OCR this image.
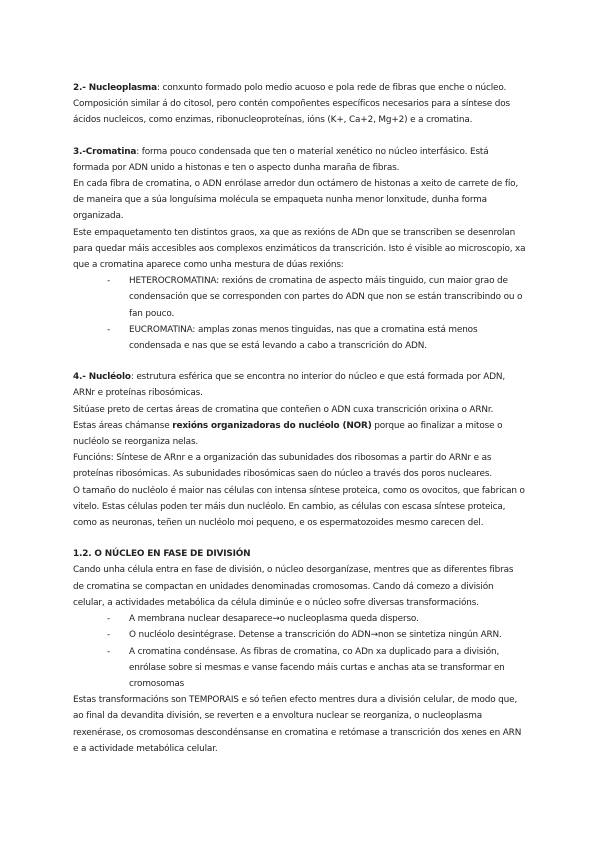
2.- Nucleoplasma: conxunto formado polo medio acuoso e pola rede de fibras que enche o núcleo. Composición similar á do citosol, pero contén compoñentes específicos necesarios para a síntese dos ácidos nucleicos, como enzimas, ribonucleoproteínas, ións (K+, Ca+2, Mg+2) e a cromatina.

3.-Cromatina: forma pouco condensada que ten o material xenético no núcleo interfásico. Está formada por ADN unido a histonas e ten o aspecto dunha maraña de fibras.

En cada fibra de cromatina, o ADN enrólase arredor dun octámero de histonas a xeito de carrete de fío, de maneira que a súa longuísima molécula se empaqueta nunha menor lonxitude, dunha forma organizada.

Este empaquetamento ten distintos graos, xa que as rexións de ADn que se transcriben se desenrolan para quedar máis accesibles aos complexos enzimáticos da transcrición. Isto é visible ao microscopio, xa que a cromatina aparece como unha mestura de dúas rexións:

- HETEROCROMATINA: rexións de cromatina de aspecto máis tinguido, cun maior grao de condensación que se corresponden con partes do ADN que non se están transcribindo ou o fan pouco.
- EUCROMATINA: amplas zonas menos tinguidas, nas que a cromatina está menos condensada e nas que se está levando a cabo a transcrición do ADN.

4.- Nucléolo: estrutura esférica que se encontra no interior do núcleo e que está formada por ADN, ARNr e proteínas ribosómicas.

Sitúase preto de certas áreas de cromatina que conteñen o ADN cuxa transcrición orixina o ARNr.

Estas áreas chámanse rexións organizadoras do nucléolo (NOR) porque ao finalizar a mitose o nucléolo se reorganiza nelas.

Funcións: Síntese de ARnr e a organización das subunidades dos ribosomas a partir do ARNr e as proteínas ribosómicas. As subunidades ribosómicas saen do núcleo a través dos poros nucleares.

O tamaño do nucléolo é maior nas células con intensa síntese proteica, como os ovocitos, que fabrican o vitelo. Estas células poden ter máis dun nucléolo. En cambio, as células con escasa síntese proteica, como as neuronas, teñen un nucléolo moi pequeno, e os espermatozoides mesmo carecen del.

1.2. O NÚCLEO EN FASE DE DIVISIÓN

Cando unha célula entra en fase de división, o núcleo desorganízase, mentres que as diferentes fibras de cromatina se compactan en unidades denominadas cromosomas. Cando dá comezo a división celular, a actividades metabólica da célula diminúe e o núcleo sofre diversas transformacións.

- A membrana nuclear desaparece→o nucleoplasma queda disperso.
- O nucléolo desintégrase. Detense a transcrición do ADN→non se sintetiza ningún ARN.
- A cromatina condénsase. As fibras de cromatina, co ADn xa duplicado para a división, enrólase sobre si mesmas e vanse facendo máis curtas e anchas ata se transformar en cromosomas

Estas transformacións son TEMPORAIS e só teñen efecto mentres dura a división celular, de modo que, ao final da devandita división, se reverten e a envoltura nuclear se reorganiza, o nucleoplasma rexenérase, os cromosomas descondénsanse en cromatina e retómase a transcrición dos xenes en ARN e a actividade metabólica celular.
